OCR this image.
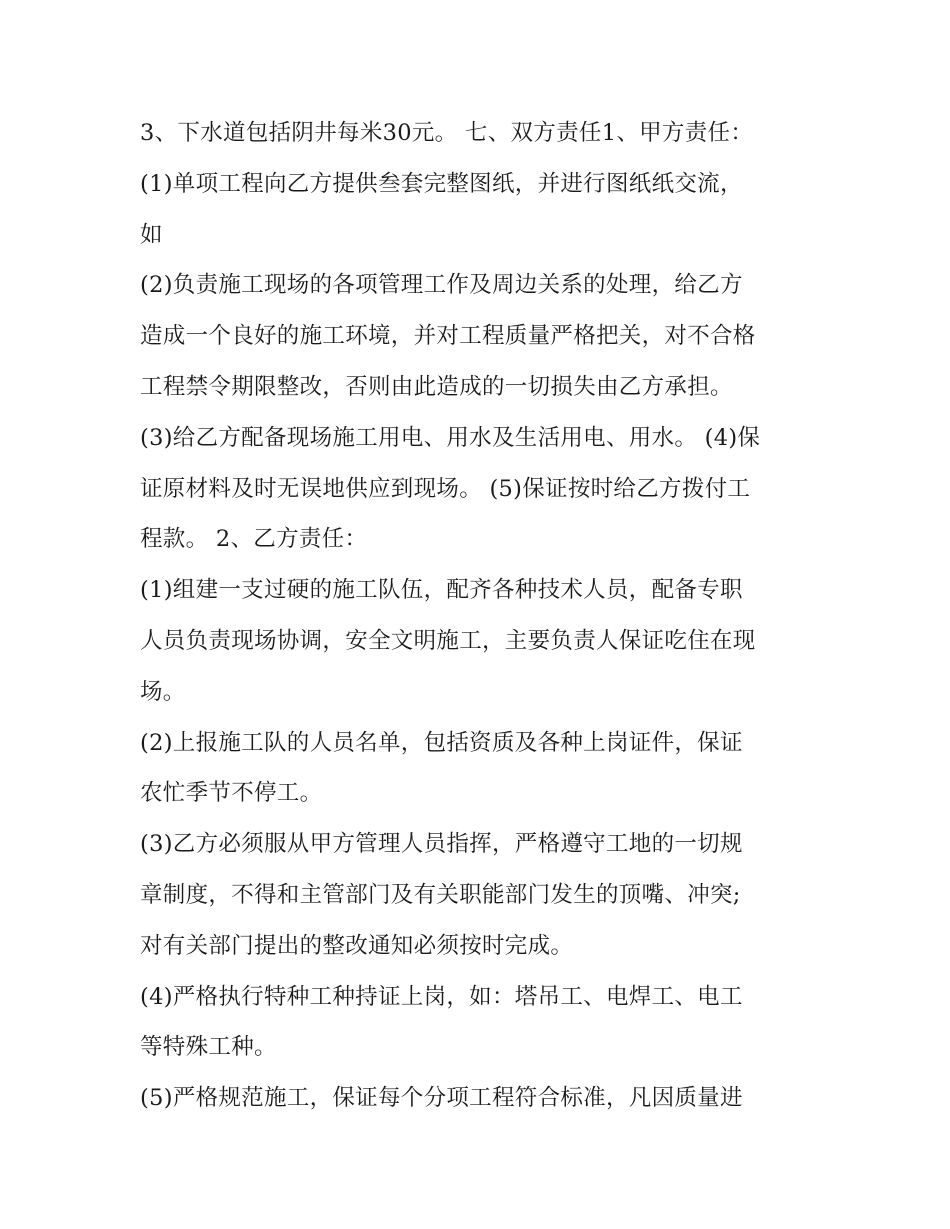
3、下水道包括阴井每米30元。 七、双方责任1、甲方责任：
(1)单项工程向乙方提供叁套完整图纸，并进行图纸纸交流，
如
(2)负责施工现场的各项管理工作及周边关系的处理，给乙方
造成一个良好的施工环境，并对工程质量严格把关，对不合格
工程禁令期限整改，否则由此造成的一切损失由乙方承担。
(3)给乙方配备现场施工用电、用水及生活用电、用水。 (4)保
证原材料及时无误地供应到现场。 (5)保证按时给乙方拨付工
程款。 2、乙方责任：
(1)组建一支过硬的施工队伍，配齐各种技术人员，配备专职
人员负责现场协调，安全文明施工，主要负责人保证吃住在现
场。
(2)上报施工队的人员名单，包括资质及各种上岗证件，保证
农忙季节不停工。
(3)乙方必须服从甲方管理人员指挥，严格遵守工地的一切规
章制度，不得和主管部门及有关职能部门发生的顶嘴、冲突;
对有关部门提出的整改通知必须按时完成。
(4)严格执行特种工种持证上岗，如：塔吊工、电焊工、电工
等特殊工种。
(5)严格规范施工，保证每个分项工程符合标准，凡因质量进
